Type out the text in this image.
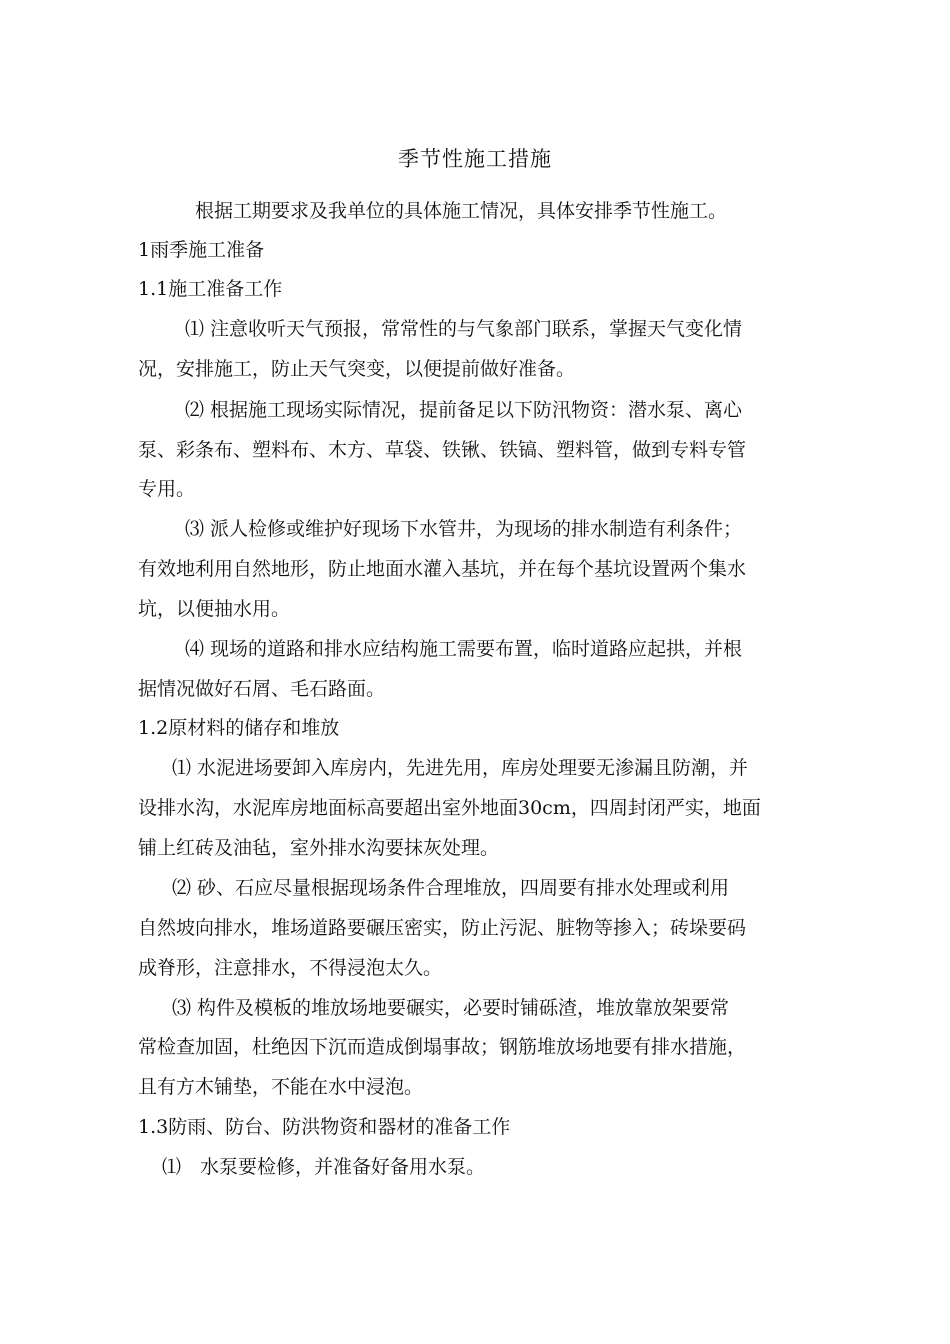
季节性施工措施
根据工期要求及我单位的具体施工情况，具体安排季节性施工。
1雨季施工准备
1.1施工准备工作
⑴ 注意收听天气预报，常常性的与气象部门联系，掌握天气变化情
况，安排施工，防止天气突变，以便提前做好准备。
⑵ 根据施工现场实际情况，提前备足以下防汛物资：潜水泵、离心
泵、彩条布、塑料布、木方、草袋、铁锹、铁镐、塑料管，做到专料专管
专用。
⑶ 派人检修或维护好现场下水管井，为现场的排水制造有利条件；
有效地利用自然地形，防止地面水灌入基坑，并在每个基坑设置两个集水
坑，以便抽水用。
⑷ 现场的道路和排水应结构施工需要布置，临时道路应起拱，并根
据情况做好石屑、毛石路面。
1.2原材料的储存和堆放
⑴ 水泥进场要卸入库房内，先进先用，库房处理要无渗漏且防潮，并
设排水沟，水泥库房地面标高要超出室外地面30cm，四周封闭严实，地面
铺上红砖及油毡，室外排水沟要抹灰处理。
⑵ 砂、石应尽量根据现场条件合理堆放，四周要有排水处理或利用
自然坡向排水，堆场道路要碾压密实，防止污泥、脏物等掺入；砖垛要码
成脊形，注意排水，不得浸泡太久。
⑶ 构件及模板的堆放场地要碾实，必要时铺砾渣，堆放靠放架要常
常检查加固，杜绝因下沉而造成倒塌事故；钢筋堆放场地要有排水措施，
且有方木铺垫，不能在水中浸泡。
1.3防雨、防台、防洪物资和器材的准备工作
⑴　水泵要检修，并准备好备用水泵。
